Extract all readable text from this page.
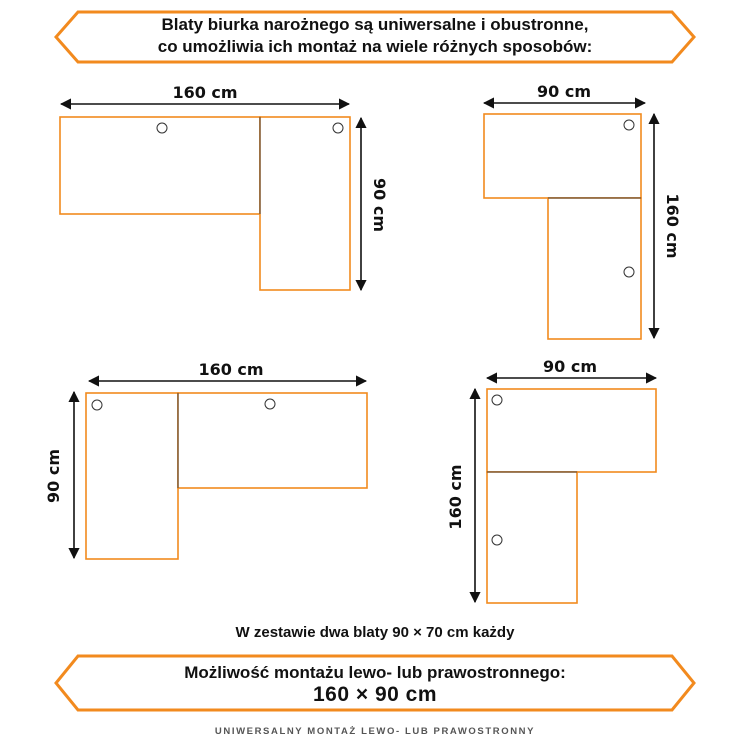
160 cm
90 cm
90 cm
160 cm
160 cm
90 cm
90 cm
160 cm
Blaty biurka narożnego są uniwersalne i obustronne,
co umożliwia ich montaż na wiele różnych sposobów:
W zestawie dwa blaty 90 × 70 cm każdy
Możliwość montażu lewo- lub prawostronnego:
160 × 90 cm
UNIWERSALNY MONTAŻ LEWO- LUB PRAWOSTRONNY
